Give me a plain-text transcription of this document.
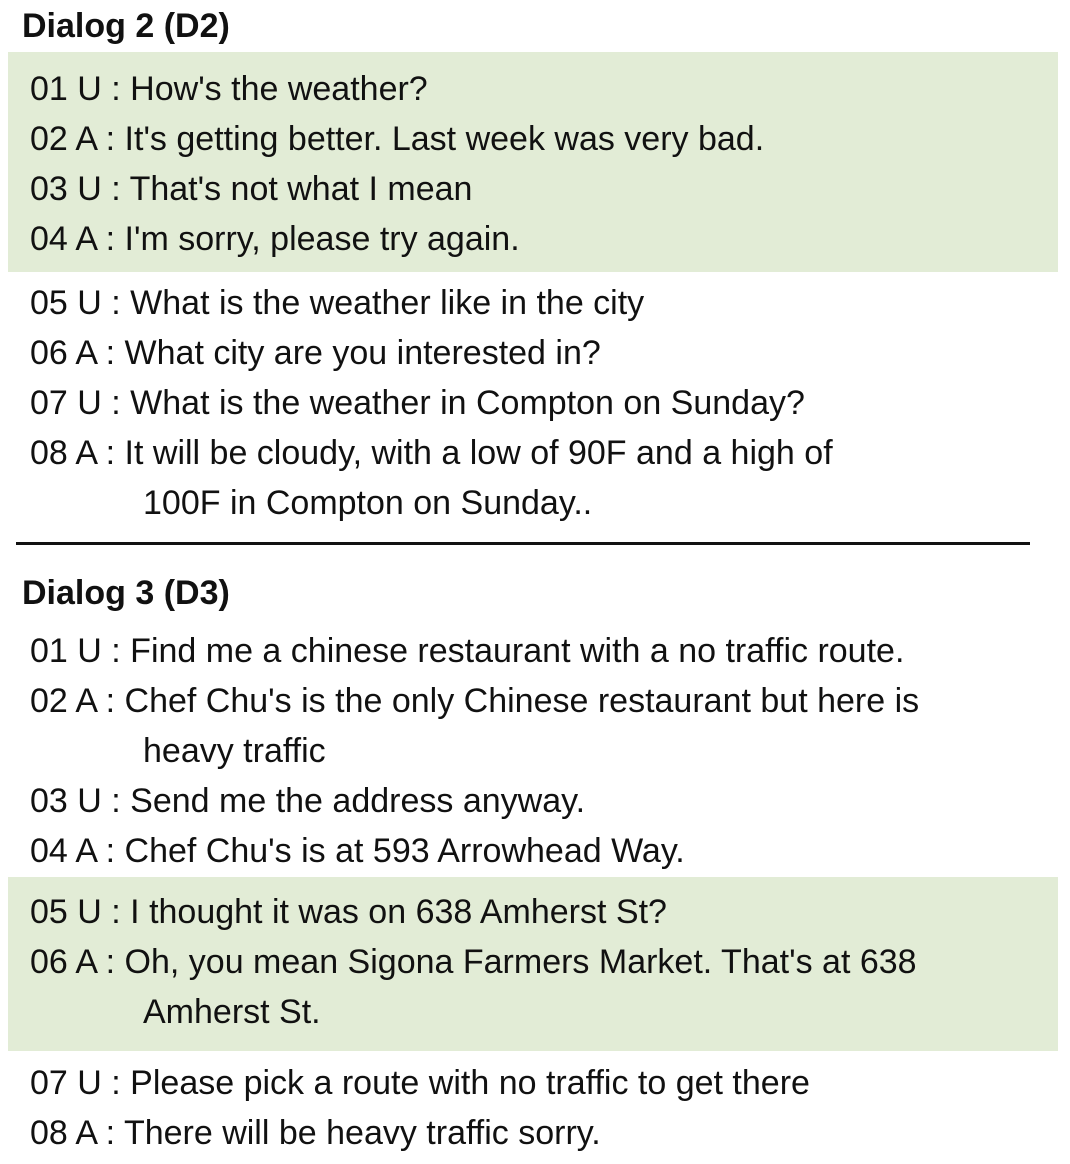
Dialog 2 (D2)
01 U : How's the weather?
02 A : It's getting better. Last week was very bad.
03 U : That's not what I mean
04 A : I'm sorry, please try again.
05 U : What is the weather like in the city
06 A : What city are you interested in?
07 U : What is the weather in Compton on Sunday?
08 A : It will be cloudy, with a low of 90F and a high of
100F in Compton on Sunday..
Dialog 3 (D3)
01 U : Find me a chinese restaurant with a no traffic route.
02 A : Chef Chu's is the only Chinese restaurant but here is
heavy traffic
03 U : Send me the address anyway.
04 A : Chef Chu's is at 593 Arrowhead Way.
05 U : I thought it was on 638 Amherst St?
06 A : Oh, you mean Sigona Farmers Market. That's at 638
Amherst St.
07 U : Please pick a route with no traffic to get there
08 A : There will be heavy traffic sorry.
